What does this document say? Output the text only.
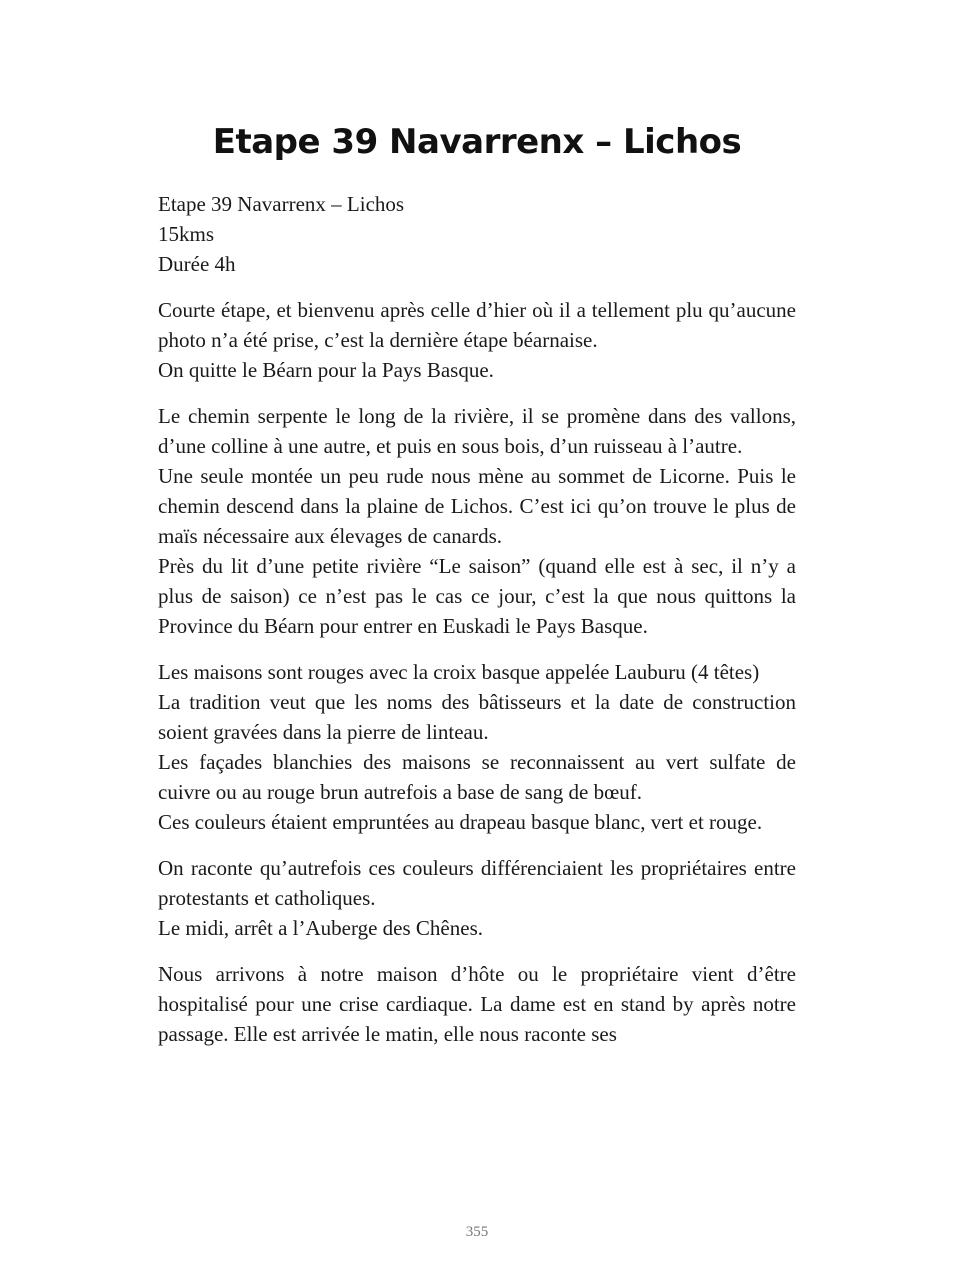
Etape 39 Navarrenx – Lichos

Etape 39 Navarrenx – Lichos
15kms
Durée 4h

Courte étape, et bienvenu après celle d’hier où il a tellement plu qu’aucune photo n’a été prise, c’est la dernière étape béarnaise.
On quitte le Béarn pour la Pays Basque.

Le chemin serpente le long de la rivière, il se promène dans des vallons, d’une colline à une autre, et puis en sous bois, d’un ruisseau à l’autre.
Une seule montée un peu rude nous mène au sommet de Licorne. Puis le chemin descend dans la plaine de Lichos. C’est ici qu’on trouve le plus de maïs nécessaire aux élevages de canards.
Près du lit d’une petite rivière “Le saison” (quand elle est à sec, il n’y a plus de saison) ce n’est pas le cas ce jour, c’est la que nous quittons la Province du Béarn pour entrer en Euskadi le Pays Basque.

Les maisons sont rouges avec la croix basque appelée Lauburu (4 têtes)
La tradition veut que les noms des bâtisseurs et la date de construction soient gravées dans la pierre de linteau.
Les façades blanchies des maisons se reconnaissent au vert sulfate de cuivre ou au rouge brun autrefois a base de sang de bœuf.
Ces couleurs étaient empruntées au drapeau basque blanc, vert et rouge.

On raconte qu’autrefois ces couleurs différenciaient les propriétaires entre protestants et catholiques.
Le midi, arrêt a l’Auberge des Chênes.

Nous arrivons à notre maison d’hôte ou le propriétaire vient d’être hospitalisé pour une crise cardiaque. La dame est en stand by après notre passage. Elle est arrivée le matin, elle nous raconte ses

355
